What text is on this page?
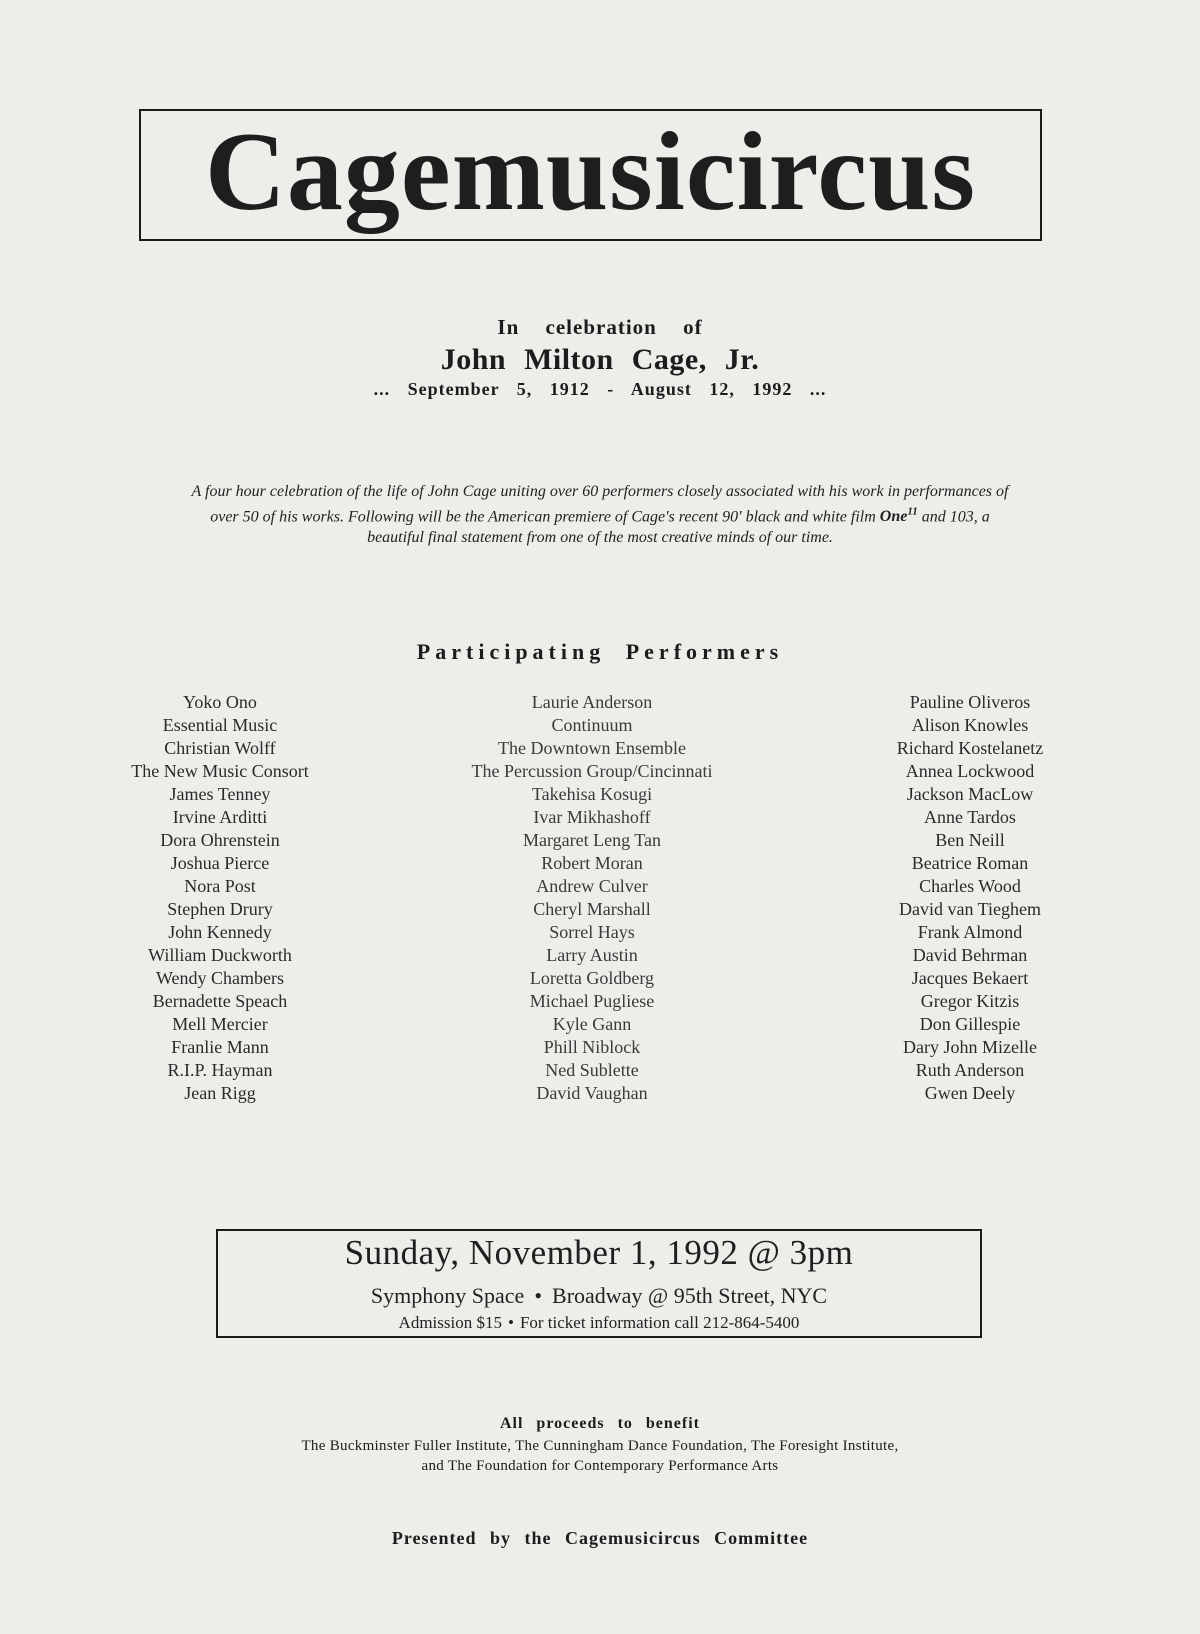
Cagemusicircus
In celebration of
John Milton Cage, Jr.
... September 5, 1912 - August 12, 1992 ...
A four hour celebration of the life of John Cage uniting over 60 performers closely associated with his work in performances of over 50 of his works. Following will be the American premiere of Cage's recent 90' black and white film One$^{11}$ and 103, a beautiful final statement from one of the most creative minds of our time.
Participating Performers
Yoko Ono
Essential Music
Christian Wolff
The New Music Consort
James Tenney
Irvine Arditti
Dora Ohrenstein
Joshua Pierce
Nora Post
Stephen Drury
John Kennedy
William Duckworth
Wendy Chambers
Bernadette Speach
Mell Mercier
Franlie Mann
R.I.P. Hayman
Jean Rigg
Laurie Anderson
Continuum
The Downtown Ensemble
The Percussion Group/Cincinnati
Takehisa Kosugi
Ivar Mikhashoff
Margaret Leng Tan
Robert Moran
Andrew Culver
Cheryl Marshall
Sorrel Hays
Larry Austin
Loretta Goldberg
Michael Pugliese
Kyle Gann
Phill Niblock
Ned Sublette
David Vaughan
Pauline Oliveros
Alison Knowles
Richard Kostelanetz
Annea Lockwood
Jackson MacLow
Anne Tardos
Ben Neill
Beatrice Roman
Charles Wood
David van Tieghem
Frank Almond
David Behrman
Jacques Bekaert
Gregor Kitzis
Don Gillespie
Dary John Mizelle
Ruth Anderson
Gwen Deely
Sunday, November 1, 1992 @ 3pm
Symphony Space • Broadway @ 95th Street, NYC
Admission $15 • For ticket information call 212-864-5400
All proceeds to benefit
The Buckminster Fuller Institute, The Cunningham Dance Foundation, The Foresight Institute,
and The Foundation for Contemporary Performance Arts
Presented by the Cagemusicircus Committee
